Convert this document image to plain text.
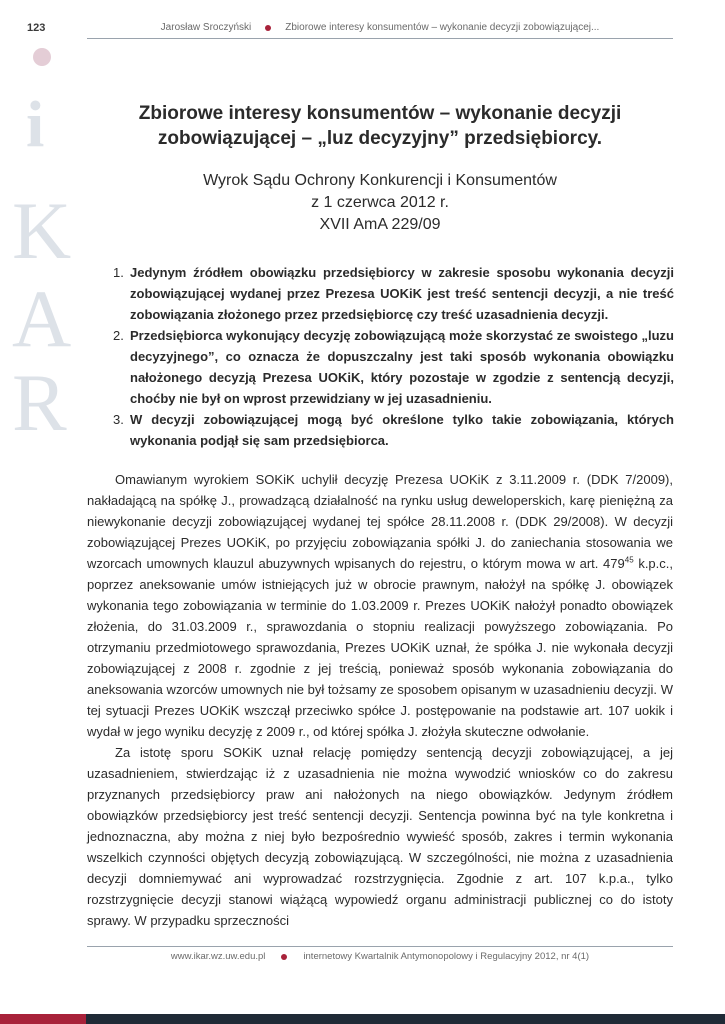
123	Jarosław Sroczyński	Zbiorowe interesy konsumentów – wykonanie decyzji zobowiązującej...
i
K
A
R
Zbiorowe interesy konsumentów – wykonanie decyzji
zobowiązującej – „luz decyzyjny” przedsiębiorcy.
Wyrok Sądu Ochrony Konkurencji i Konsumentów
z 1 czerwca 2012 r.
XVII AmA 229/09
1. Jedynym źródłem obowiązku przedsiębiorcy w zakresie sposobu wykonania decyzji zobowiązującej wydanej przez Prezesa UOKiK jest treść sentencji decyzji, a nie treść zobowiązania złożonego przez przedsiębiorcę czy treść uzasadnienia decyzji.
2. Przedsiębiorca wykonujący decyzję zobowiązującą może skorzystać ze swoistego „luzu decyzyjnego”, co oznacza że dopuszczalny jest taki sposób wykonania obowiązku nałożonego decyzją Prezesa UOKiK, który pozostaje w zgodzie z sentencją decyzji, choćby nie był on wprost przewidziany w jej uzasadnieniu.
3. W decyzji zobowiązującej mogą być określone tylko takie zobowiązania, których wykonania podjął się sam przedsiębiorca.

Omawianym wyrokiem SOKiK uchylił decyzję Prezesa UOKiK z 3.11.2009 r. (DDK 7/2009), nakładającą na spółkę J., prowadzącą działalność na rynku usług deweloperskich, karę pieniężną za niewykonanie decyzji zobowiązującej wydanej tej spółce 28.11.2008 r. (DDK 29/2008). W decyzji zobowiązującej Prezes UOKiK, po przyjęciu zobowiązania spółki J. do zaniechania stosowania we wzorcach umownych klauzul abuzywnych wpisanych do rejestru, o którym mowa w art. $479^{45}$ k.p.c., poprzez aneksowanie umów istniejących już w obrocie prawnym, nałożył na spółkę J. obowiązek wykonania tego zobowiązania w terminie do 1.03.2009 r. Prezes UOKiK nałożył ponadto obowiązek złożenia, do 31.03.2009 r., sprawozdania o stopniu realizacji powyższego zobowiązania. Po otrzymaniu przedmiotowego sprawozdania, Prezes UOKiK uznał, że spółka J. nie wykonała decyzji zobowiązującej z 2008 r. zgodnie z jej treścią, ponieważ sposób wykonania zobowiązania do aneksowania wzorców umownych nie był tożsamy ze sposobem opisanym w uzasadnieniu decyzji. W tej sytuacji Prezes UOKiK wszczął przeciwko spółce J. postępowanie na podstawie art. 107 uokik i wydał w jego wyniku decyzję z 2009 r., od której spółka J. złożyła skuteczne odwołanie.

Za istotę sporu SOKiK uznał relację pomiędzy sentencją decyzji zobowiązującej, a jej uzasadnieniem, stwierdzając iż z uzasadnienia nie można wywodzić wniosków co do zakresu przyznanych przedsiębiorcy praw ani nałożonych na niego obowiązków. Jedynym źródłem obowiązków przedsiębiorcy jest treść sentencji decyzji. Sentencja powinna być na tyle konkretna i jednoznaczna, aby można z niej było bezpośrednio wywieść sposób, zakres i termin wykonania wszelkich czynności objętych decyzją zobowiązującą. W szczególności, nie można z uzasadnienia decyzji domniemywać ani wyprowadzać rozstrzygnięcia. Zgodnie z art. 107 k.p.a., tylko rozstrzygnięcie decyzji stanowi wiążącą wypowiedź organu administracji publicznej co do istoty sprawy. W przypadku sprzeczności

www.ikar.wz.uw.edu.pl	internetowy Kwartalnik Antymonopolowy i Regulacyjny 2012, nr 4(1)
